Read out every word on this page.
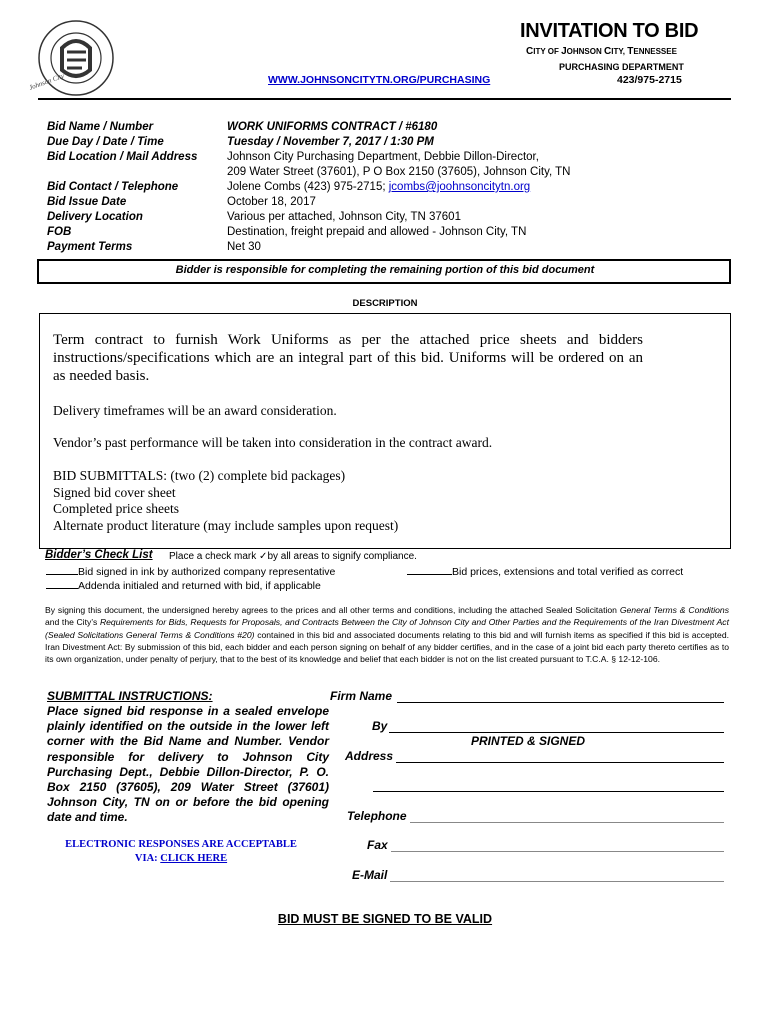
Johnson City
INVITATION TO BID
CITY OF JOHNSON CITY, TENNESSEE
PURCHASING DEPARTMENT
423/975-2715
WWW.JOHNSONCITYTN.ORG/PURCHASING
Bid Name / Number	WORK UNIFORMS CONTRACT / #6180
Due Day / Date / Time	Tuesday / November 7, 2017 / 1:30 PM
Bid Location / Mail Address	Johnson City Purchasing Department, Debbie Dillon-Director,
209 Water Street (37601), P O Box 2150 (37605), Johnson City, TN
Bid Contact / Telephone	Jolene Combs (423) 975-2715; jcombs@joohnsoncitytn.org
Bid Issue Date	October 18, 2017
Delivery Location	Various per attached, Johnson City, TN 37601
FOB	Destination, freight prepaid and allowed - Johnson City, TN
Payment Terms	Net 30
Bidder is responsible for completing the remaining portion of this bid document
DESCRIPTION
Term contract to furnish Work Uniforms as per the attached price sheets and bidders instructions/specifications which are an integral part of this bid. Uniforms will be ordered on an as needed basis.
Delivery timeframes will be an award consideration.
Vendor’s past performance will be taken into consideration in the contract award.
BID SUBMITTALS: (two (2) complete bid packages)
Signed bid cover sheet
Completed price sheets
Alternate product literature (may include samples upon request)
Bidder’s Check List Place a check mark ✓by all areas to signify compliance.
Bid signed in ink by authorized company representative	Bid prices, extensions and total verified as correct
Addenda initialed and returned with bid, if applicable
By signing this document, the undersigned hereby agrees to the prices and all other terms and conditions, including the attached Sealed Solicitation General Terms & Conditions and the City’s Requirements for Bids, Requests for Proposals, and Contracts Between the City of Johnson City and Other Parties and the Requirements of the Iran Divestment Act (Sealed Solicitations General Terms & Conditions #20) contained in this bid and associated documents relating to this bid and will furnish items as specified if this bid is accepted. Iran Divestment Act: By submission of this bid, each bidder and each person signing on behalf of any bidder certifies, and in the case of a joint bid each party thereto certifies as to its own organization, under penalty of perjury, that to the best of its knowledge and belief that each bidder is not on the list created pursuant to T.C.A. § 12-12-106.
SUBMITTAL INSTRUCTIONS:
Place signed bid response in a sealed envelope plainly identified on the outside in the lower left corner with the Bid Name and Number. Vendor responsible for delivery to Johnson City Purchasing Dept., Debbie Dillon-Director, P. O. Box 2150 (37605), 209 Water Street (37601) Johnson City, TN on or before the bid opening date and time.
ELECTRONIC RESPONSES ARE ACCEPTABLE
VIA: CLICK HERE
Firm Name
By
PRINTED & SIGNED
Address
Telephone
Fax
E-Mail
BID MUST BE SIGNED TO BE VALID
